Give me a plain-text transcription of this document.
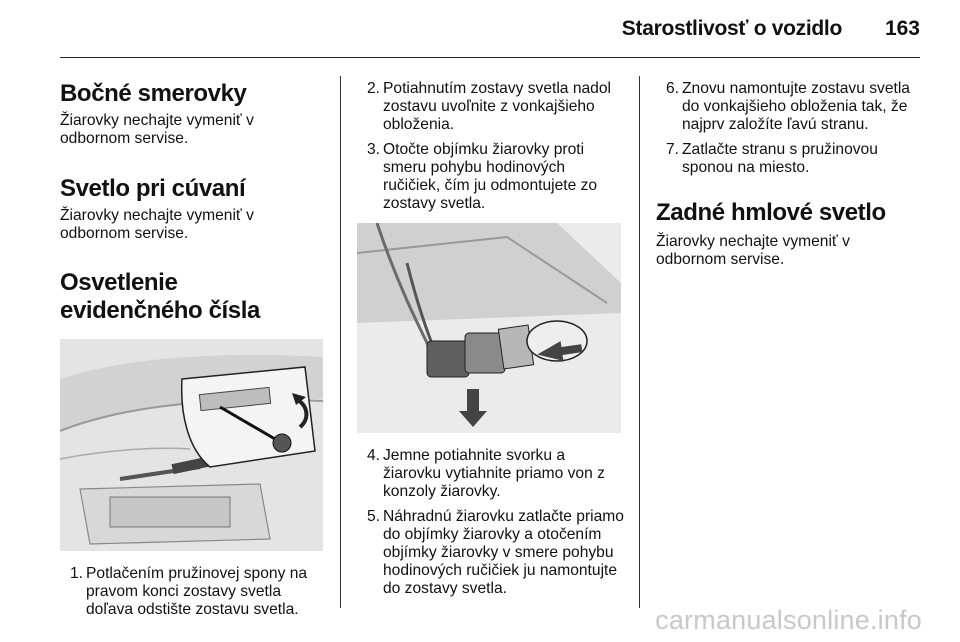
Starostlivosť o vozidlo 163
Bočné smerovky

Žiarovky nechajte vymeniť v odbornom servise.

Svetlo pri cúvaní

Žiarovky nechajte vymeniť v odbornom servise.

Osvetlenie evidenčného čísla
1. Potlačením pružinovej spony na pravom konci zostavy svetla doľava odstište zostavu svetla.
2. Potiahnutím zostavy svetla nadol zostavu uvoľnite z vonkajšieho obloženia.
3. Otočte objímku žiarovky proti smeru pohybu hodinových ručičiek, čím ju odmontujete zo zostavy svetla.
4. Jemne potiahnite svorku a žiarovku vytiahnite priamo von z konzoly žiarovky.
5. Náhradnú žiarovku zatlačte priamo do objímky žiarovky a otočením objímky žiarovky v smere pohybu hodinových ručičiek ju namontujte do zostavy svetla.
6. Znovu namontujte zostavu svetla do vonkajšieho obloženia tak, že najprv založíte ľavú stranu.
7. Zatlačte stranu s pružinovou sponou na miesto.
Zadné hmlové svetlo

Žiarovky nechajte vymeniť v odbornom servise.

carmanualsonline.info
